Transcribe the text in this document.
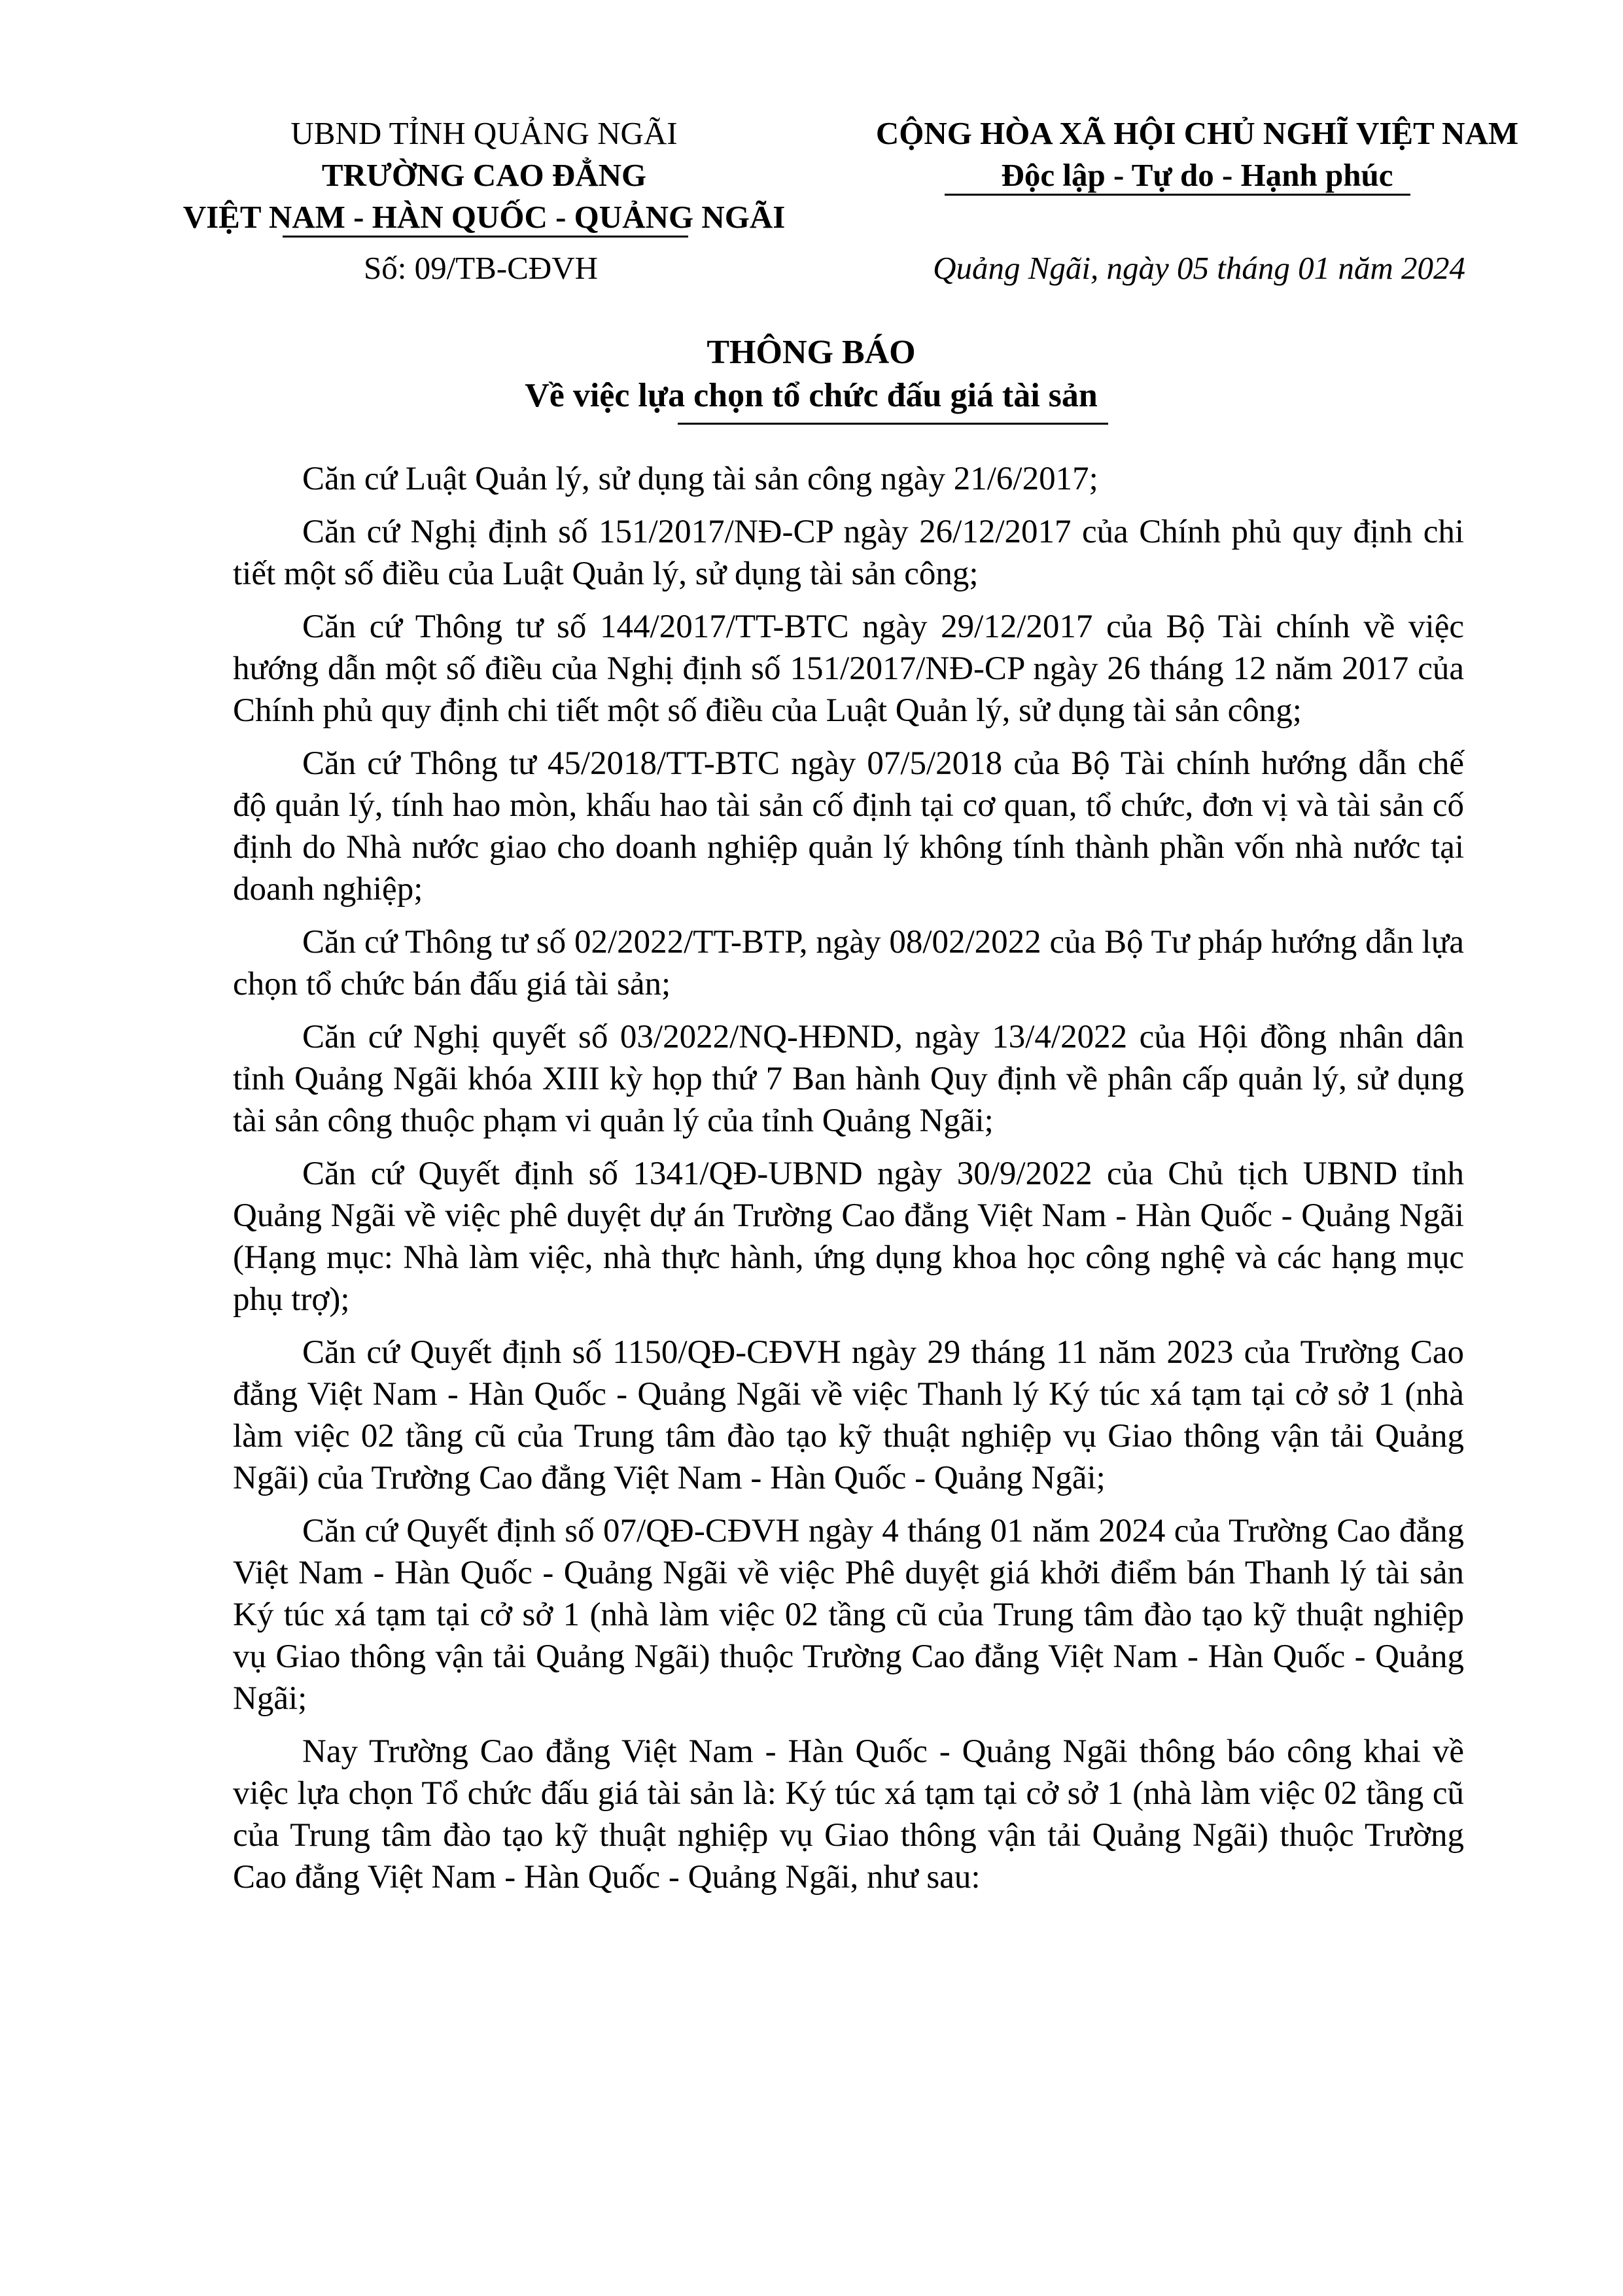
UBND TỈNH QUẢNG NGÃI
TRƯỜNG CAO ĐẲNG
VIỆT NAM - HÀN QUỐC - QUẢNG NGÃI
CỘNG HÒA XÃ HỘI CHỦ NGHĨ VIỆT NAM
Độc lập - Tự do - Hạnh phúc
Số: 09/TB-CĐVH	Quảng Ngãi, ngày 05 tháng 01 năm 2024
THÔNG BÁO
Về việc lựa chọn tổ chức đấu giá tài sản

Căn cứ Luật Quản lý, sử dụng tài sản công ngày 21/6/2017;

Căn cứ Nghị định số 151/2017/NĐ-CP ngày 26/12/2017 của Chính phủ quy định chi tiết một số điều của Luật Quản lý, sử dụng tài sản công;

Căn cứ Thông tư số 144/2017/TT-BTC ngày 29/12/2017 của Bộ Tài chính về việc hướng dẫn một số điều của Nghị định số 151/2017/NĐ-CP ngày 26 tháng 12 năm 2017 của Chính phủ quy định chi tiết một số điều của Luật Quản lý, sử dụng tài sản công;

Căn cứ Thông tư 45/2018/TT-BTC ngày 07/5/2018 của Bộ Tài chính hướng dẫn chế độ quản lý, tính hao mòn, khấu hao tài sản cố định tại cơ quan, tổ chức, đơn vị và tài sản cố định do Nhà nước giao cho doanh nghiệp quản lý không tính thành phần vốn nhà nước tại doanh nghiệp;

Căn cứ Thông tư số 02/2022/TT-BTP, ngày 08/02/2022 của Bộ Tư pháp hướng dẫn lựa chọn tổ chức bán đấu giá tài sản;

Căn cứ Nghị quyết số 03/2022/NQ-HĐND, ngày 13/4/2022 của Hội đồng nhân dân tỉnh Quảng Ngãi khóa XIII kỳ họp thứ 7 Ban hành Quy định về phân cấp quản lý, sử dụng tài sản công thuộc phạm vi quản lý của tỉnh Quảng Ngãi;

Căn cứ Quyết định số 1341/QĐ-UBND ngày 30/9/2022 của Chủ tịch UBND tỉnh Quảng Ngãi về việc phê duyệt dự án Trường Cao đẳng Việt Nam - Hàn Quốc - Quảng Ngãi (Hạng mục: Nhà làm việc, nhà thực hành, ứng dụng khoa học công nghệ và các hạng mục phụ trợ);

Căn cứ Quyết định số 1150/QĐ-CĐVH ngày 29 tháng 11 năm 2023 của Trường Cao đẳng Việt Nam - Hàn Quốc - Quảng Ngãi về việc Thanh lý Ký túc xá tạm tại cở sở 1 (nhà làm việc 02 tầng cũ của Trung tâm đào tạo kỹ thuật nghiệp vụ Giao thông vận tải Quảng Ngãi) của Trường Cao đẳng Việt Nam - Hàn Quốc - Quảng Ngãi;

Căn cứ Quyết định số 07/QĐ-CĐVH ngày 4 tháng 01 năm 2024 của Trường Cao đẳng Việt Nam - Hàn Quốc - Quảng Ngãi về việc Phê duyệt giá khởi điểm bán Thanh lý tài sản Ký túc xá tạm tại cở sở 1 (nhà làm việc 02 tầng cũ của Trung tâm đào tạo kỹ thuật nghiệp vụ Giao thông vận tải Quảng Ngãi) thuộc Trường Cao đẳng Việt Nam - Hàn Quốc - Quảng Ngãi;

Nay Trường Cao đẳng Việt Nam - Hàn Quốc - Quảng Ngãi thông báo công khai về việc lựa chọn Tổ chức đấu giá tài sản là: Ký túc xá tạm tại cở sở 1 (nhà làm việc 02 tầng cũ của Trung tâm đào tạo kỹ thuật nghiệp vụ Giao thông vận tải Quảng Ngãi) thuộc Trường Cao đẳng Việt Nam - Hàn Quốc - Quảng Ngãi, như sau:
